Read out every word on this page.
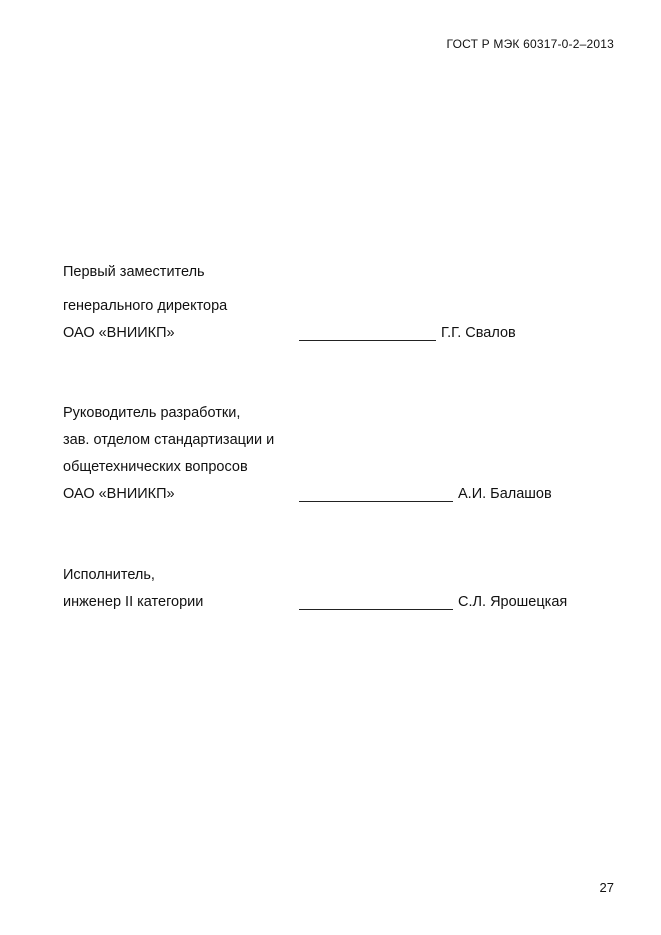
ГОСТ Р МЭК 60317-0-2–2013
Первый заместитель
генерального директора
ОАО «ВНИИКП»	Г.Г. Свалов
Руководитель разработки,
зав. отделом стандартизации и
общетехнических вопросов
ОАО «ВНИИКП»	А.И. Балашов
Исполнитель,
инженер II категории	С.Л. Ярошецкая
27
